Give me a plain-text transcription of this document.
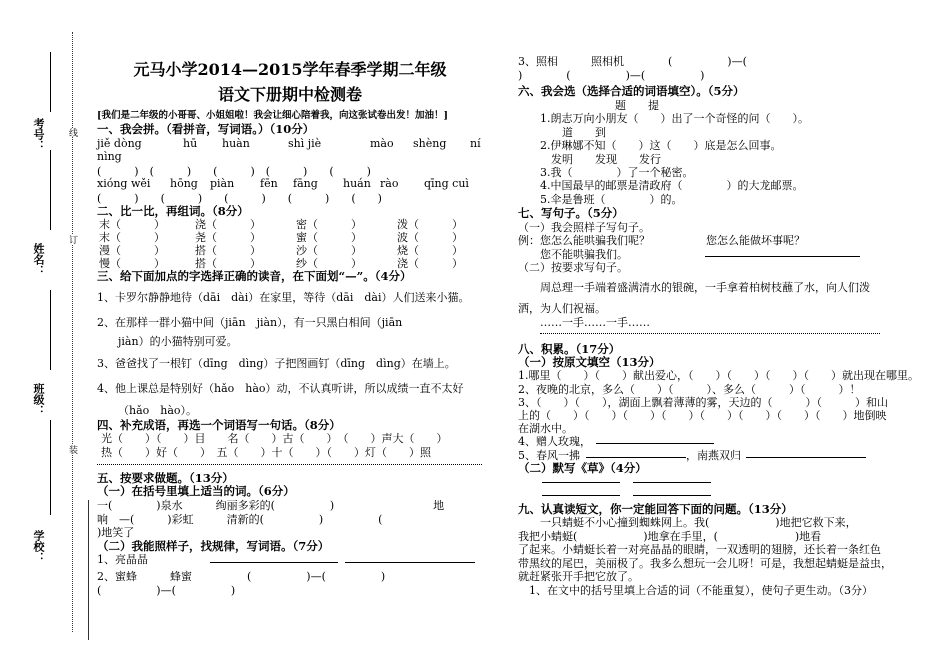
考号：
姓名：
班级：
学校：
线
订
装
元马小学2014—2015学年春季学期二年级
语文下册期中检测卷
[我们是二年级的小哥哥、小姐姐啦！我会让细心陪着我，向这张试卷出发！加油！]
一、我会拼。（看拼音，写词语。）（10分）
jiě dòng	hū huàn	shì jiè	mào shèng ní
nìng
(　　　)　(　　　)　　(　　　)　(　　　)　　(　　　)
xióng wěi hōng piàn fēn fāng huán rào qīng cuì
(　　　)　　(　　　)　　(　　　)　　(　　　)　　(　　)
二、比一比，再组词。（8分）
末（　　　）	浇（　　　）	密（　　　）	泼（　　　）
末（　　　）	尧（　　　）	蜜（　　　）	波（　　　）
漫（　　　）	搭（　　　）	沙（　　　）	烧（　　　）
慢（　　　）	搭（　　　）	纱（　　　）	浇（　　　）
三、给下面加点的字选择正确的读音，在下面划“—”。（4分）
1、卡罗尔静静地待（dāi　dài）在家里，等待（dāi　dài）人们送来小猫。
2、在那样一群小猫中间（jiān　jiàn），有一只黑白相间（jiān
jiàn）的小猫特别可爱。
3、爸爸找了一根钉（dīng　dìng）子把图画钉（dīng　dìng）在墙上。
4、他上课总是特别好（hǎo　hào）动，不认真听讲，所以成绩一直不太好
（hǎo　hào）。
四、补充成语，再选一个词语写一句话。（8分）
光（　　）（　　）目　　名（　　）古（　　）　（　　）声大（　　）
热（　　）好（　　）　五（　　）十（　　）（　　）灯（　　）照
五、按要求做题。（13分）
（一）在括号里填上适当的词。（6分）
一(　　　　)泉水　　　绚丽多彩的(　　　　　)　　　　　　　　　地
响　—(　　　)彩虹　　　清新的(　　　　　)　　　　　(
)地笑了
（二）我能照样子，找规律，写词语。（7分）
1、亮晶晶
2、蜜蜂　　　蜂蜜　　　　　(　　　　　)—(　　　　　)
(　　　　　)—(　　　　　)
3、照相　　　照相机　　　　(　　　　　)—(
)　　　　(　　　　　)—(　　　　　)
六、我会选（选择合适的词语填空）。（5分）
题　　提
1.朗志万向小朋友（　　）出了一个奇怪的问（　　）。
道　　到
2.伊琳娜不知（　　）这（　　）底是怎么回事。
发明　　发现　　发行
3.我（　　　　）了一个秘密。
4.中国最早的邮票是清政府（　　　　）的大龙邮票。
5.伞是鲁班（　　　　）的。
七、写句子。（5分）
（一）我会照样子写句子。
例：您怎么能哄骗我们呢？	您怎么能做坏事呢？
您不能哄骗我们。
（二）按要求写句子。
周总理一手端着盛满清水的银碗，一手拿着柏树枝蘸了水，向人们泼
洒，为人们祝福。
……一手……一手……
八、积累。（17分）
（一）按原文填空（13分）
1.哪里（　　）（　　）献出爱心，（　　）（　　）（　　）（　　）就出现在哪里。
2、夜晚的北京，多么（　　）（　　　）、多么（　　　）（　　　）！
3、（　　）（　　），湖面上飘着薄薄的雾，天边的（　　　）（　　　）和山
上的（　　）（　　）（　　）（　　）（　　）（　　）（　　）（　　）地倒映
在湖水中。
4、赠人玫瑰，
5、春风一拂	，南燕双归
（二）默写《草》（4分）
九、认真读短文，你一定能回答下面的问题。（13分）
一只蜻蜓不小心撞到蜘蛛网上。我(　　　　　　)地把它救下来，
我把小蜻蜓(　　　　　　)地拿在手里，(　　　　　　　)地看
了起来。小蜻蜓长着一对亮晶晶的眼睛，一双透明的翅膀，还长着一条红色
带黑纹的尾巴，美丽极了。我多么想玩一会儿呀！可是，我想起蜻蜓是益虫，
就赶紧张开手把它放了。
1、在文中的括号里填上合适的词（不能重复），使句子更生动。（3分）
